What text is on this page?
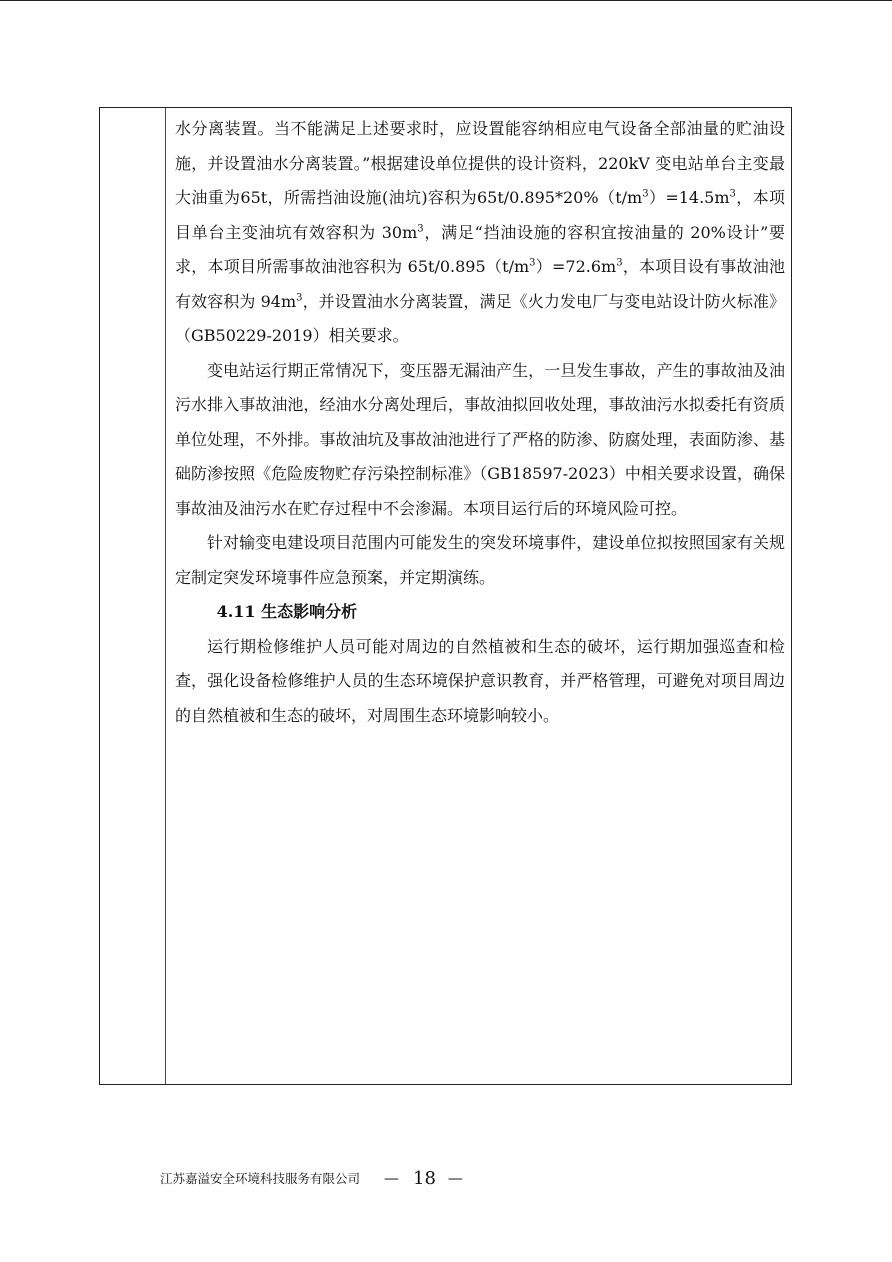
水分离装置。当不能满足上述要求时，应设置能容纳相应电气设备全部油量的贮油设施，并设置油水分离装置。”根据建设单位提供的设计资料，220kV 变电站单台主变最大油重为65t，所需挡油设施(油坑)容积为$65t/0.895*20\%(t/m^3)=14.5m^3$，本项目单台主变油坑有效容积为 $30m^3$，满足“挡油设施的容积宜按油量的 20%设计”要求，本项目所需事故油池容积为 $65t/0.895(t/m^3)=72.6m^3$，本项目设有事故油池有效容积为 $94m^3$，并设置油水分离装置，满足《火力发电厂与变电站设计防火标准》（GB50229-2019）相关要求。

变电站运行期正常情况下，变压器无漏油产生，一旦发生事故，产生的事故油及油污水排入事故油池，经油水分离处理后，事故油拟回收处理，事故油污水拟委托有资质单位处理，不外排。事故油坑及事故油池进行了严格的防渗、防腐处理，表面防渗、基础防渗按照《危险废物贮存污染控制标准》（GB18597-2023）中相关要求设置，确保事故油及油污水在贮存过程中不会渗漏。本项目运行后的环境风险可控。

针对输变电建设项目范围内可能发生的突发环境事件，建设单位拟按照国家有关规定制定突发环境事件应急预案，并定期演练。

4.11 生态影响分析

运行期检修维护人员可能对周边的自然植被和生态的破坏，运行期加强巡查和检查，强化设备检修维护人员的生态环境保护意识教育，并严格管理，可避免对项目周边的自然植被和生态的破坏，对周围生态环境影响较小。

江苏嘉溢安全环境科技服务有限公司 — 18 —
